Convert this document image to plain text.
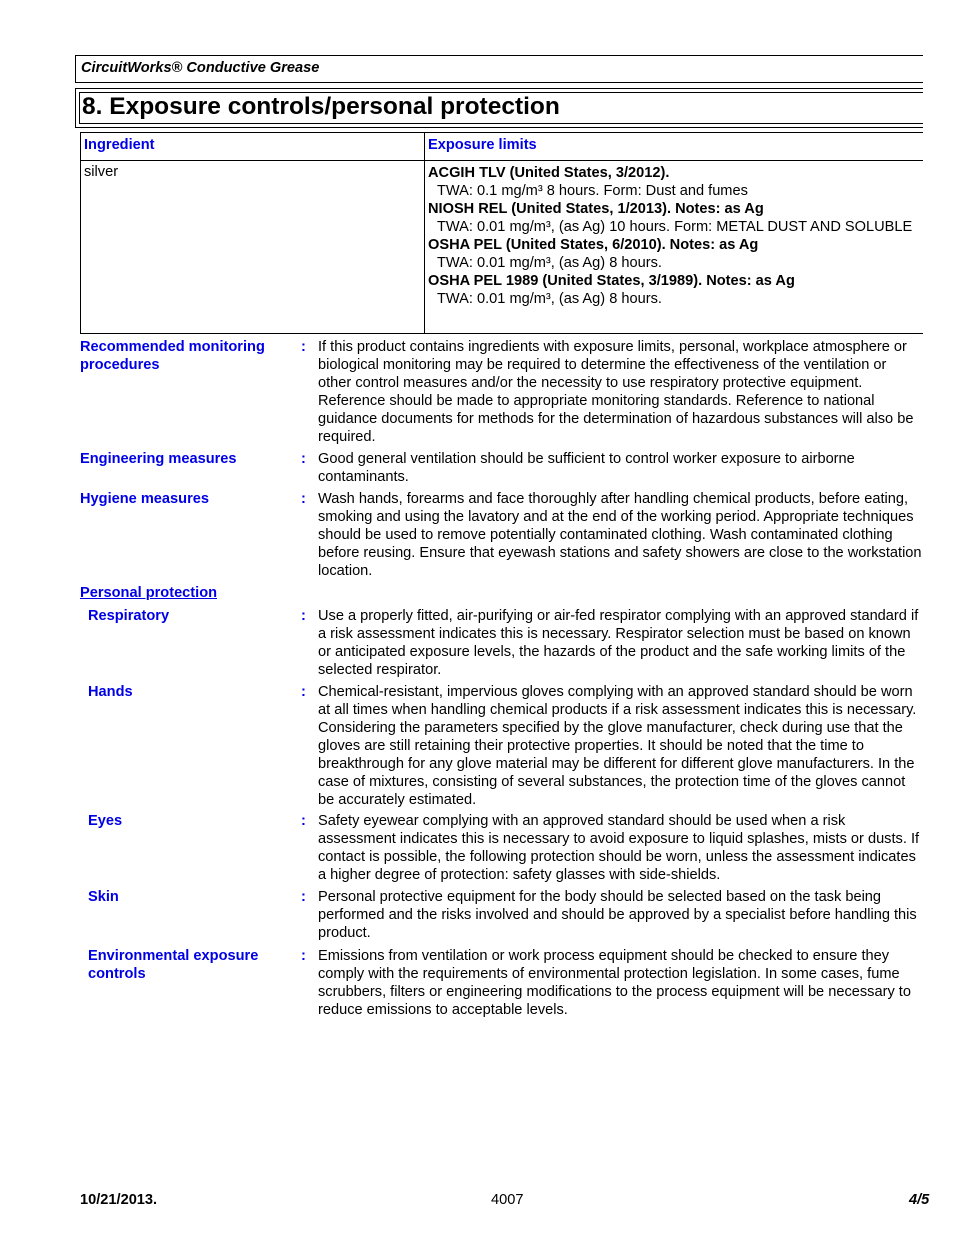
CircuitWorks® Conductive Grease
8. Exposure controls/personal protection
Ingredient	Exposure limits
silver	ACGIH TLV (United States, 3/2012).
TWA: 0.1 mg/m³ 8 hours. Form: Dust and fumes
NIOSH REL (United States, 1/2013). Notes: as Ag
TWA: 0.01 mg/m³, (as Ag) 10 hours. Form: METAL DUST AND SOLUBLE
OSHA PEL (United States, 6/2010). Notes: as Ag
TWA: 0.01 mg/m³, (as Ag) 8 hours.
OSHA PEL 1989 (United States, 3/1989). Notes: as Ag
TWA: 0.01 mg/m³, (as Ag) 8 hours.
Recommended monitoring procedures
: If this product contains ingredients with exposure limits, personal, workplace atmosphere or biological monitoring may be required to determine the effectiveness of the ventilation or other control measures and/or the necessity to use respiratory protective equipment. Reference should be made to appropriate monitoring standards. Reference to national guidance documents for methods for the determination of hazardous substances will also be required.
Engineering measures	: Good general ventilation should be sufficient to control worker exposure to airborne contaminants.
Hygiene measures	: Wash hands, forearms and face thoroughly after handling chemical products, before eating, smoking and using the lavatory and at the end of the working period. Appropriate techniques should be used to remove potentially contaminated clothing. Wash contaminated clothing before reusing. Ensure that eyewash stations and safety showers are close to the workstation location.
Personal protection
Respiratory	: Use a properly fitted, air-purifying or air-fed respirator complying with an approved standard if a risk assessment indicates this is necessary. Respirator selection must be based on known or anticipated exposure levels, the hazards of the product and the safe working limits of the selected respirator.
Hands	: Chemical-resistant, impervious gloves complying with an approved standard should be worn at all times when handling chemical products if a risk assessment indicates this is necessary. Considering the parameters specified by the glove manufacturer, check during use that the gloves are still retaining their protective properties. It should be noted that the time to breakthrough for any glove material may be different for different glove manufacturers. In the case of mixtures, consisting of several substances, the protection time of the gloves cannot be accurately estimated.
Eyes	: Safety eyewear complying with an approved standard should be used when a risk assessment indicates this is necessary to avoid exposure to liquid splashes, mists or dusts. If contact is possible, the following protection should be worn, unless the assessment indicates a higher degree of protection: safety glasses with side-shields.
Skin	: Personal protective equipment for the body should be selected based on the task being performed and the risks involved and should be approved by a specialist before handling this product.
Environmental exposure controls
: Emissions from ventilation or work process equipment should be checked to ensure they comply with the requirements of environmental protection legislation. In some cases, fume scrubbers, filters or engineering modifications to the process equipment will be necessary to reduce emissions to acceptable levels.
10/21/2013.	4007	4/5
